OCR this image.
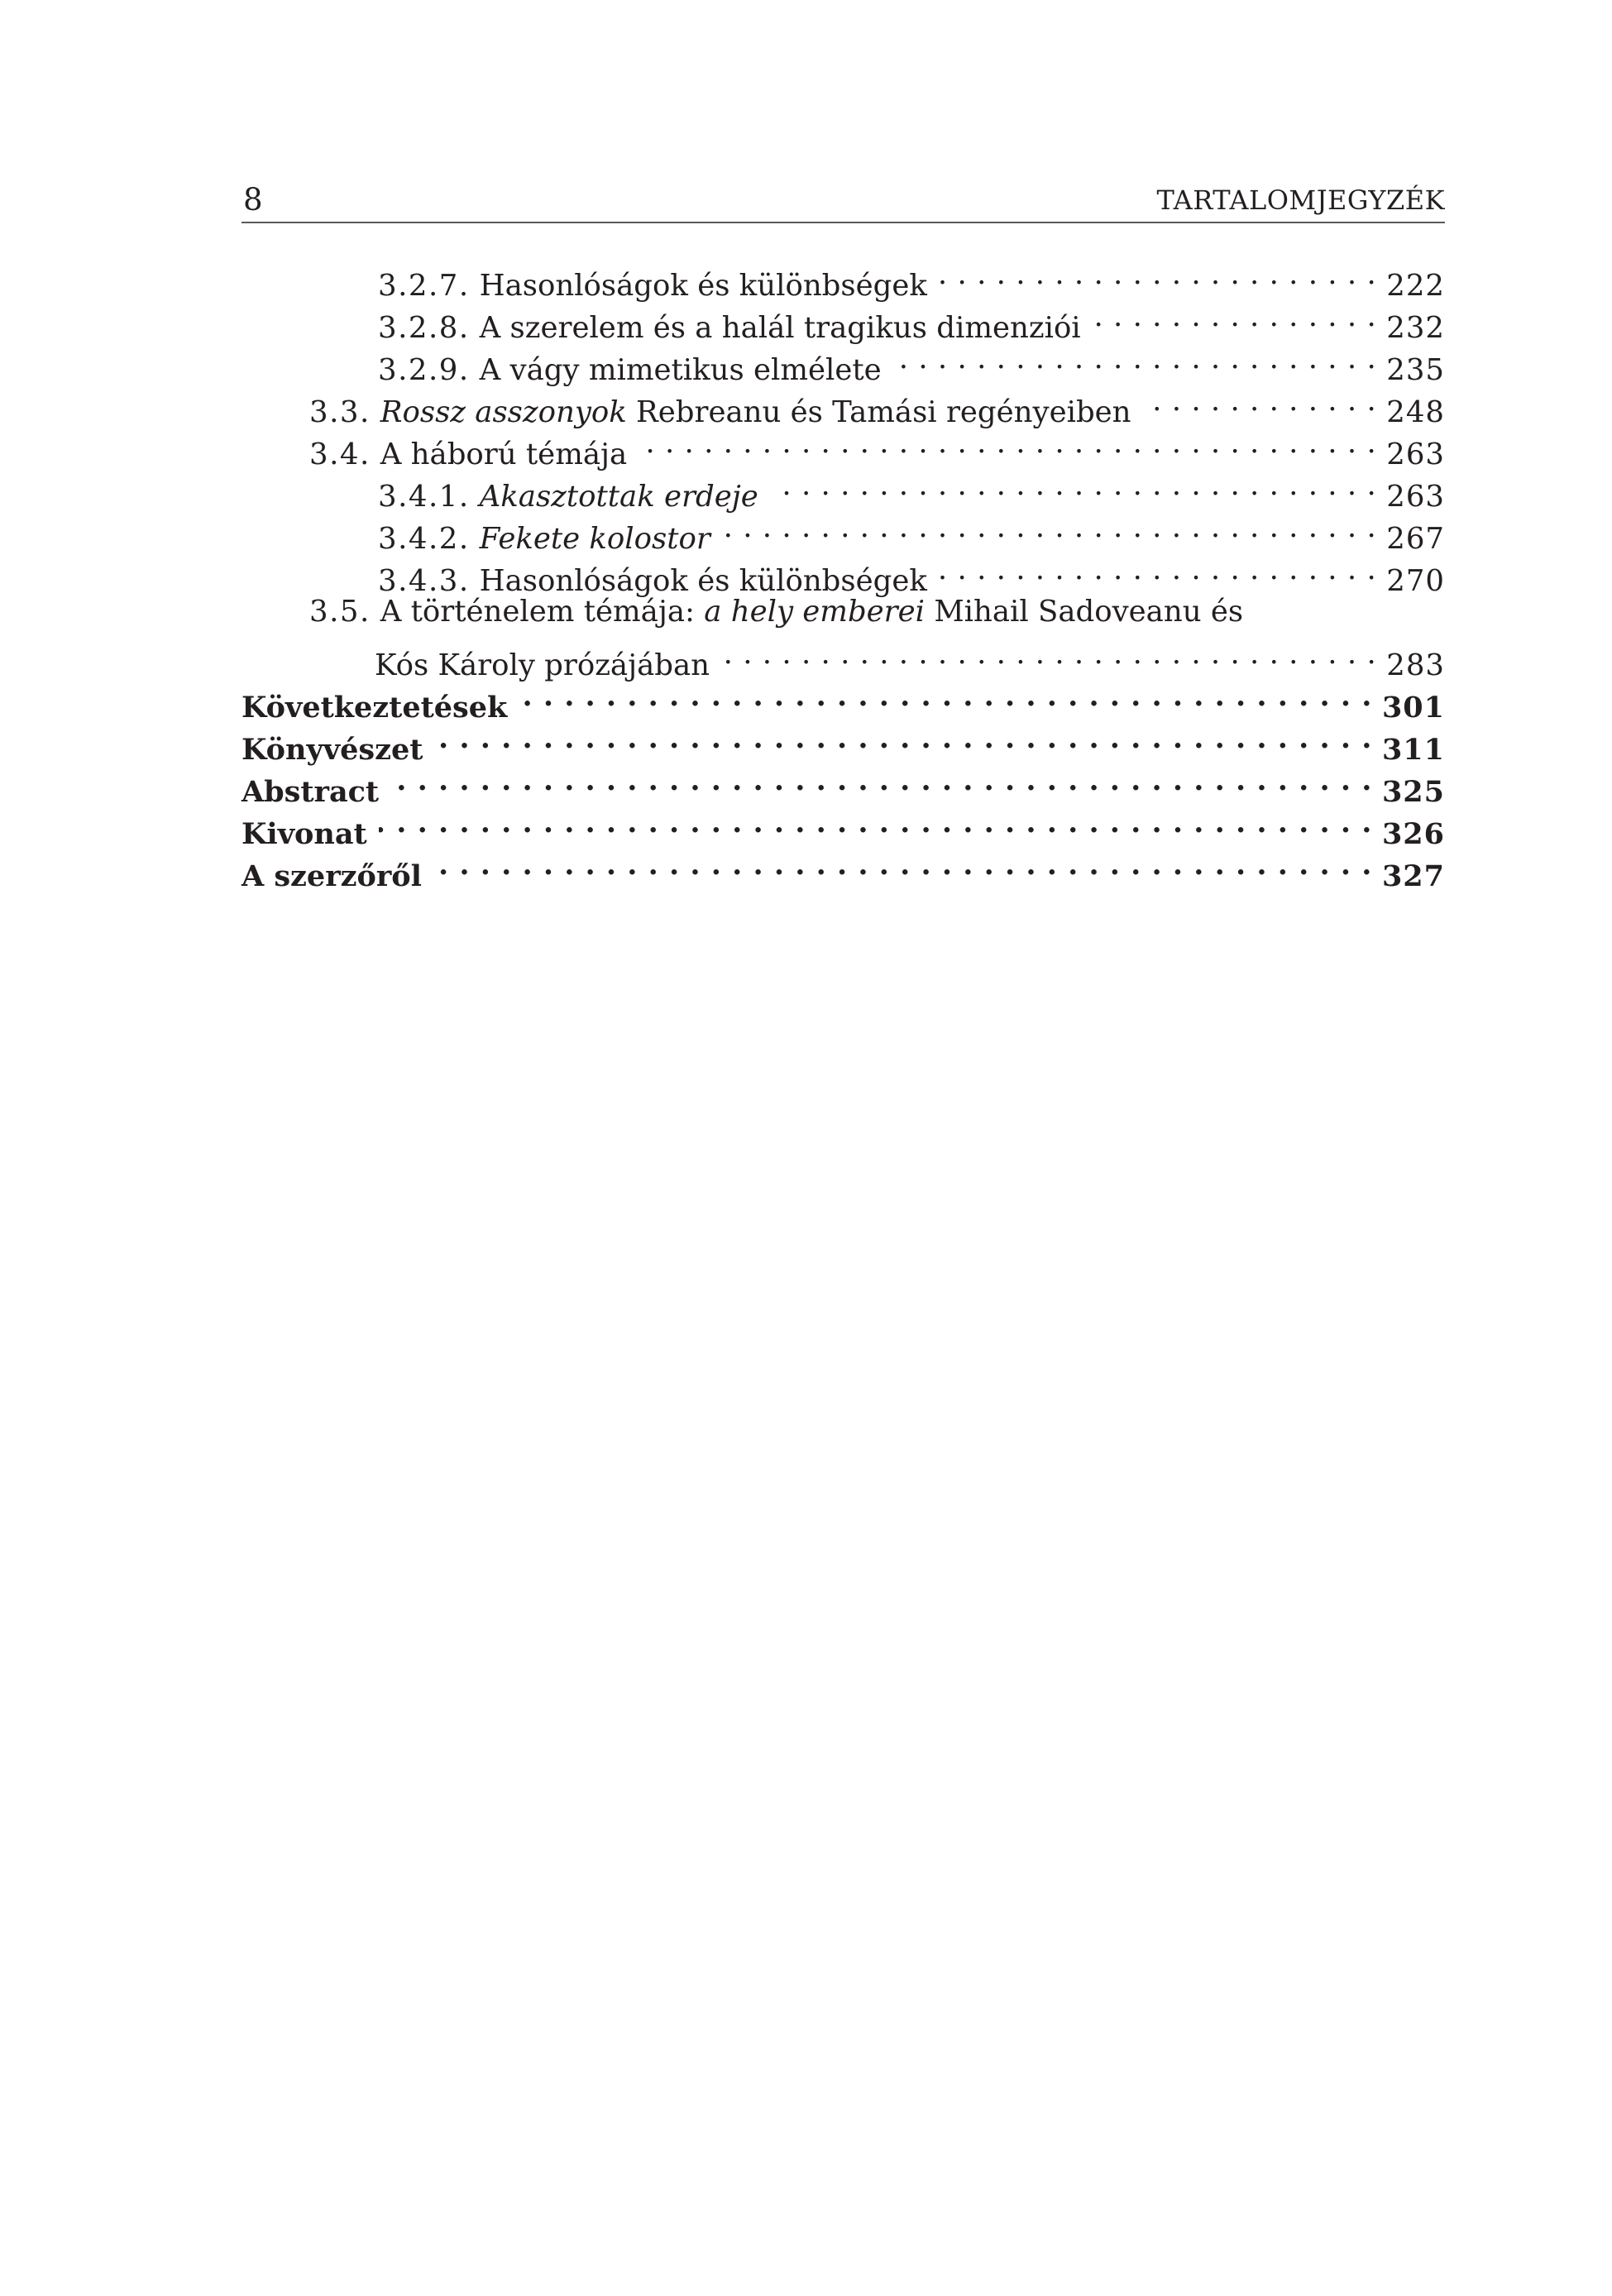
8	TARTALOMJEGYZÉK
3.2.7. Hasonlóságok és különbségek . . .	222
3.2.8. A szerelem és a halál tragikus dimenziói . . .	232
3.2.9. A vágy mimetikus elmélete . . .	235
3.3. Rossz asszonyok Rebreanu és Tamási regényeiben . . .	248
3.4. A háború témája . . .	263
3.4.1. Akasztottak erdeje . . .	263
3.4.2. Fekete kolostor . . .	267
3.4.3. Hasonlóságok és különbségek . . .	270
3.5. A történelem témája: a hely emberei Mihail Sadoveanu és
Kós Károly prózájában . . .	283
Következtetések . . .	301
Könyvészet . . .	311
Abstract . . .	325
Kivonat . . .	326
A szerzőről . . .	327
